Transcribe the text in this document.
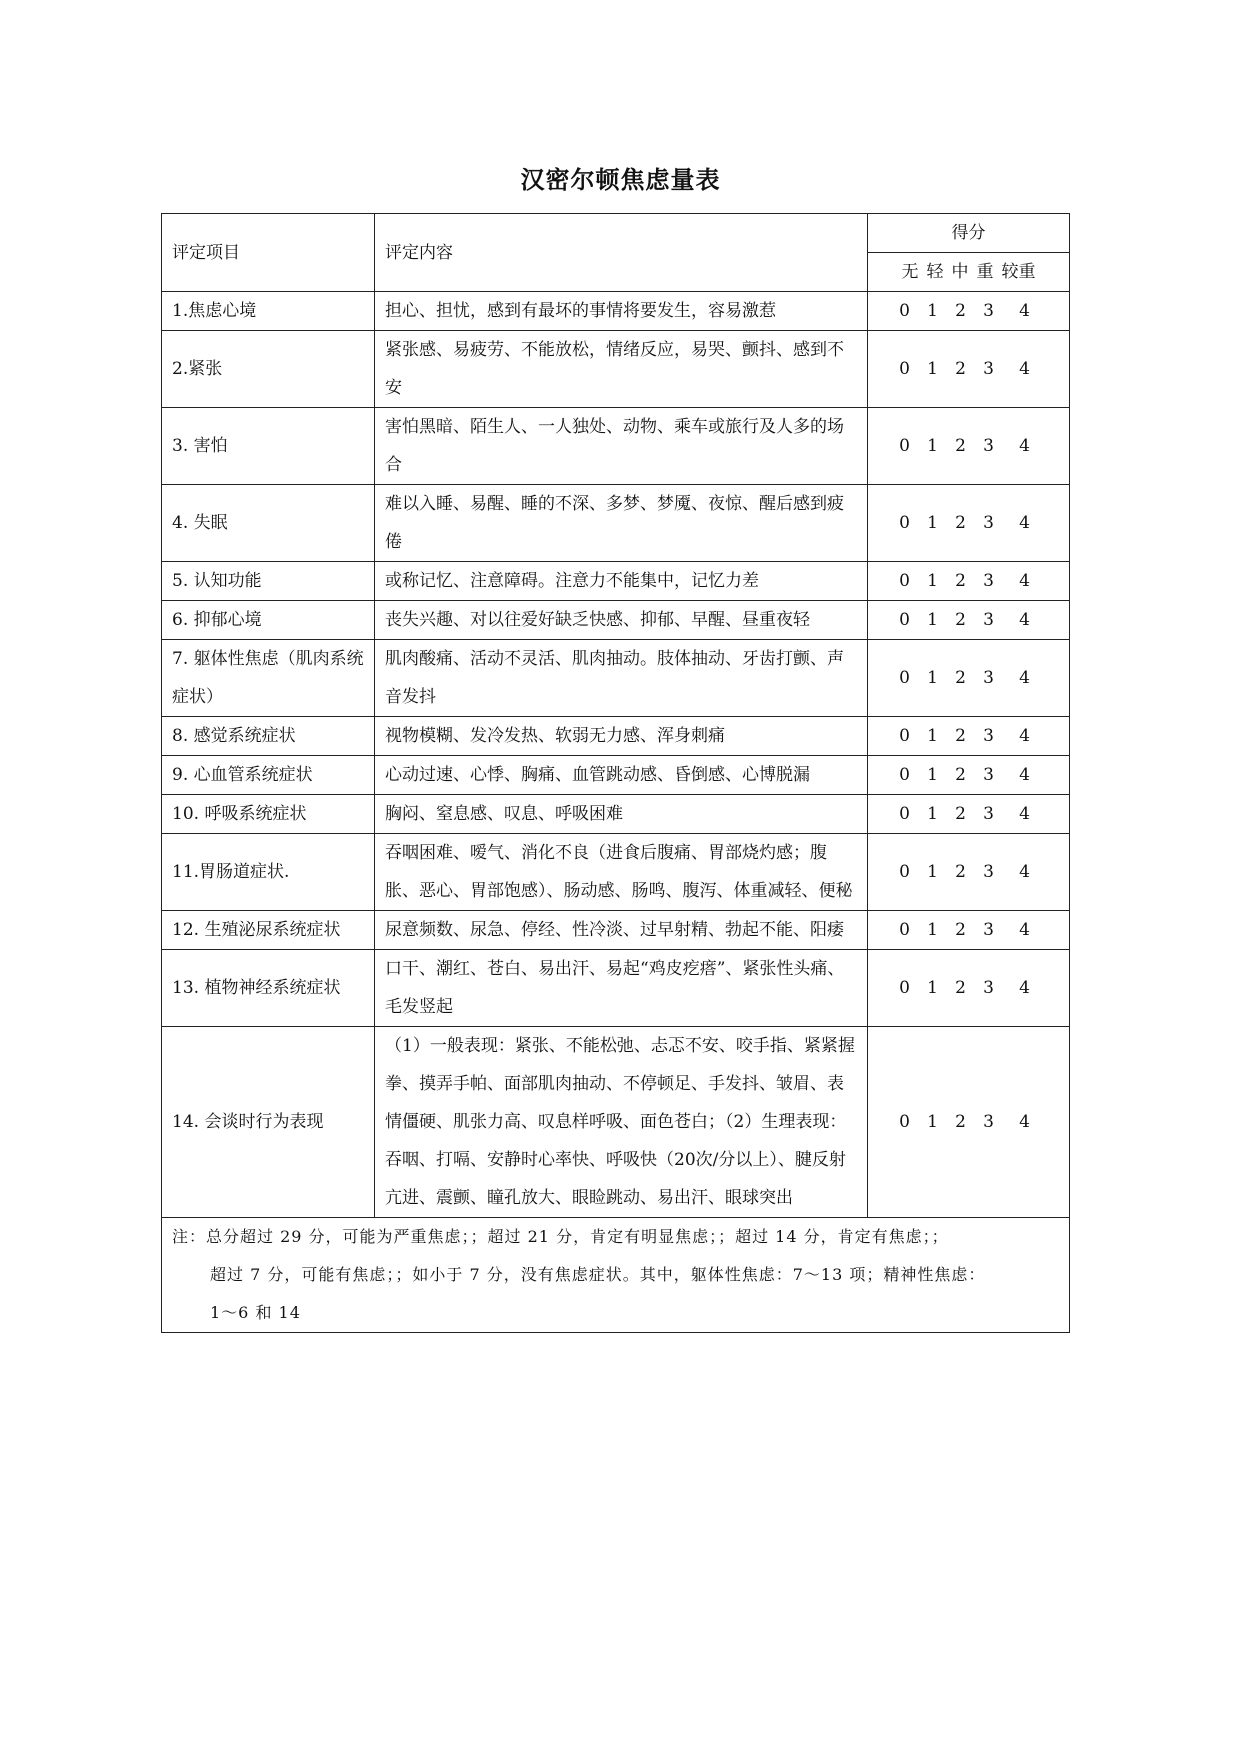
汉密尔顿焦虑量表
评定项目	评定内容	得分
		无 轻 中 重 较重
1.焦虑心境	担心、担忧，感到有最坏的事情将要发生，容易激惹	0 1 2 3 4
2.紧张	紧张感、易疲劳、不能放松，情绪反应，易哭、颤抖、感到不安	0 1 2 3 4
3. 害怕	害怕黑暗、陌生人、一人独处、动物、乘车或旅行及人多的场合	0 1 2 3 4
4. 失眠	难以入睡、易醒、睡的不深、多梦、梦魇、夜惊、醒后感到疲倦	0 1 2 3 4
5. 认知功能	或称记忆、注意障碍。注意力不能集中，记忆力差	0 1 2 3 4
6. 抑郁心境	丧失兴趣、对以往爱好缺乏快感、抑郁、早醒、昼重夜轻	0 1 2 3 4
7. 躯体性焦虑（肌肉系统症状）	肌肉酸痛、活动不灵活、肌肉抽动。肢体抽动、牙齿打颤、声音发抖	0 1 2 3 4
8. 感觉系统症状	视物模糊、发冷发热、软弱无力感、浑身刺痛	0 1 2 3 4
9. 心血管系统症状	心动过速、心悸、胸痛、血管跳动感、昏倒感、心博脱漏	0 1 2 3 4
10. 呼吸系统症状	胸闷、窒息感、叹息、呼吸困难	0 1 2 3 4
11.胃肠道症状.	吞咽困难、嗳气、消化不良（进食后腹痛、胃部烧灼感；腹胀、恶心、胃部饱感）、肠动感、肠鸣、腹泻、体重减轻、便秘	0 1 2 3 4
12. 生殖泌尿系统症状	尿意频数、尿急、停经、性冷淡、过早射精、勃起不能、阳痿	0 1 2 3 4
13. 植物神经系统症状	口干、潮红、苍白、易出汗、易起“鸡皮疙瘩”、紧张性头痛、毛发竖起	0 1 2 3 4
14. 会谈时行为表现	（1）一般表现：紧张、不能松弛、忐忑不安、咬手指、紧紧握拳、摸弄手帕、面部肌肉抽动、不停顿足、手发抖、皱眉、表情僵硬、肌张力高、叹息样呼吸、面色苍白；（2）生理表现：吞咽、打嗝、安静时心率快、呼吸快（20次/分以上）、腱反射亢进、震颤、瞳孔放大、眼睑跳动、易出汗、眼球突出	0 1 2 3 4
注：总分超过 29 分，可能为严重焦虑；；超过 21 分，肯定有明显焦虑；；超过 14 分，肯定有焦虑；；
超过 7 分，可能有焦虑；；如小于 7 分，没有焦虑症状。其中，躯体性焦虑：7～13 项；精神性焦虑：
1～6 和 14		
